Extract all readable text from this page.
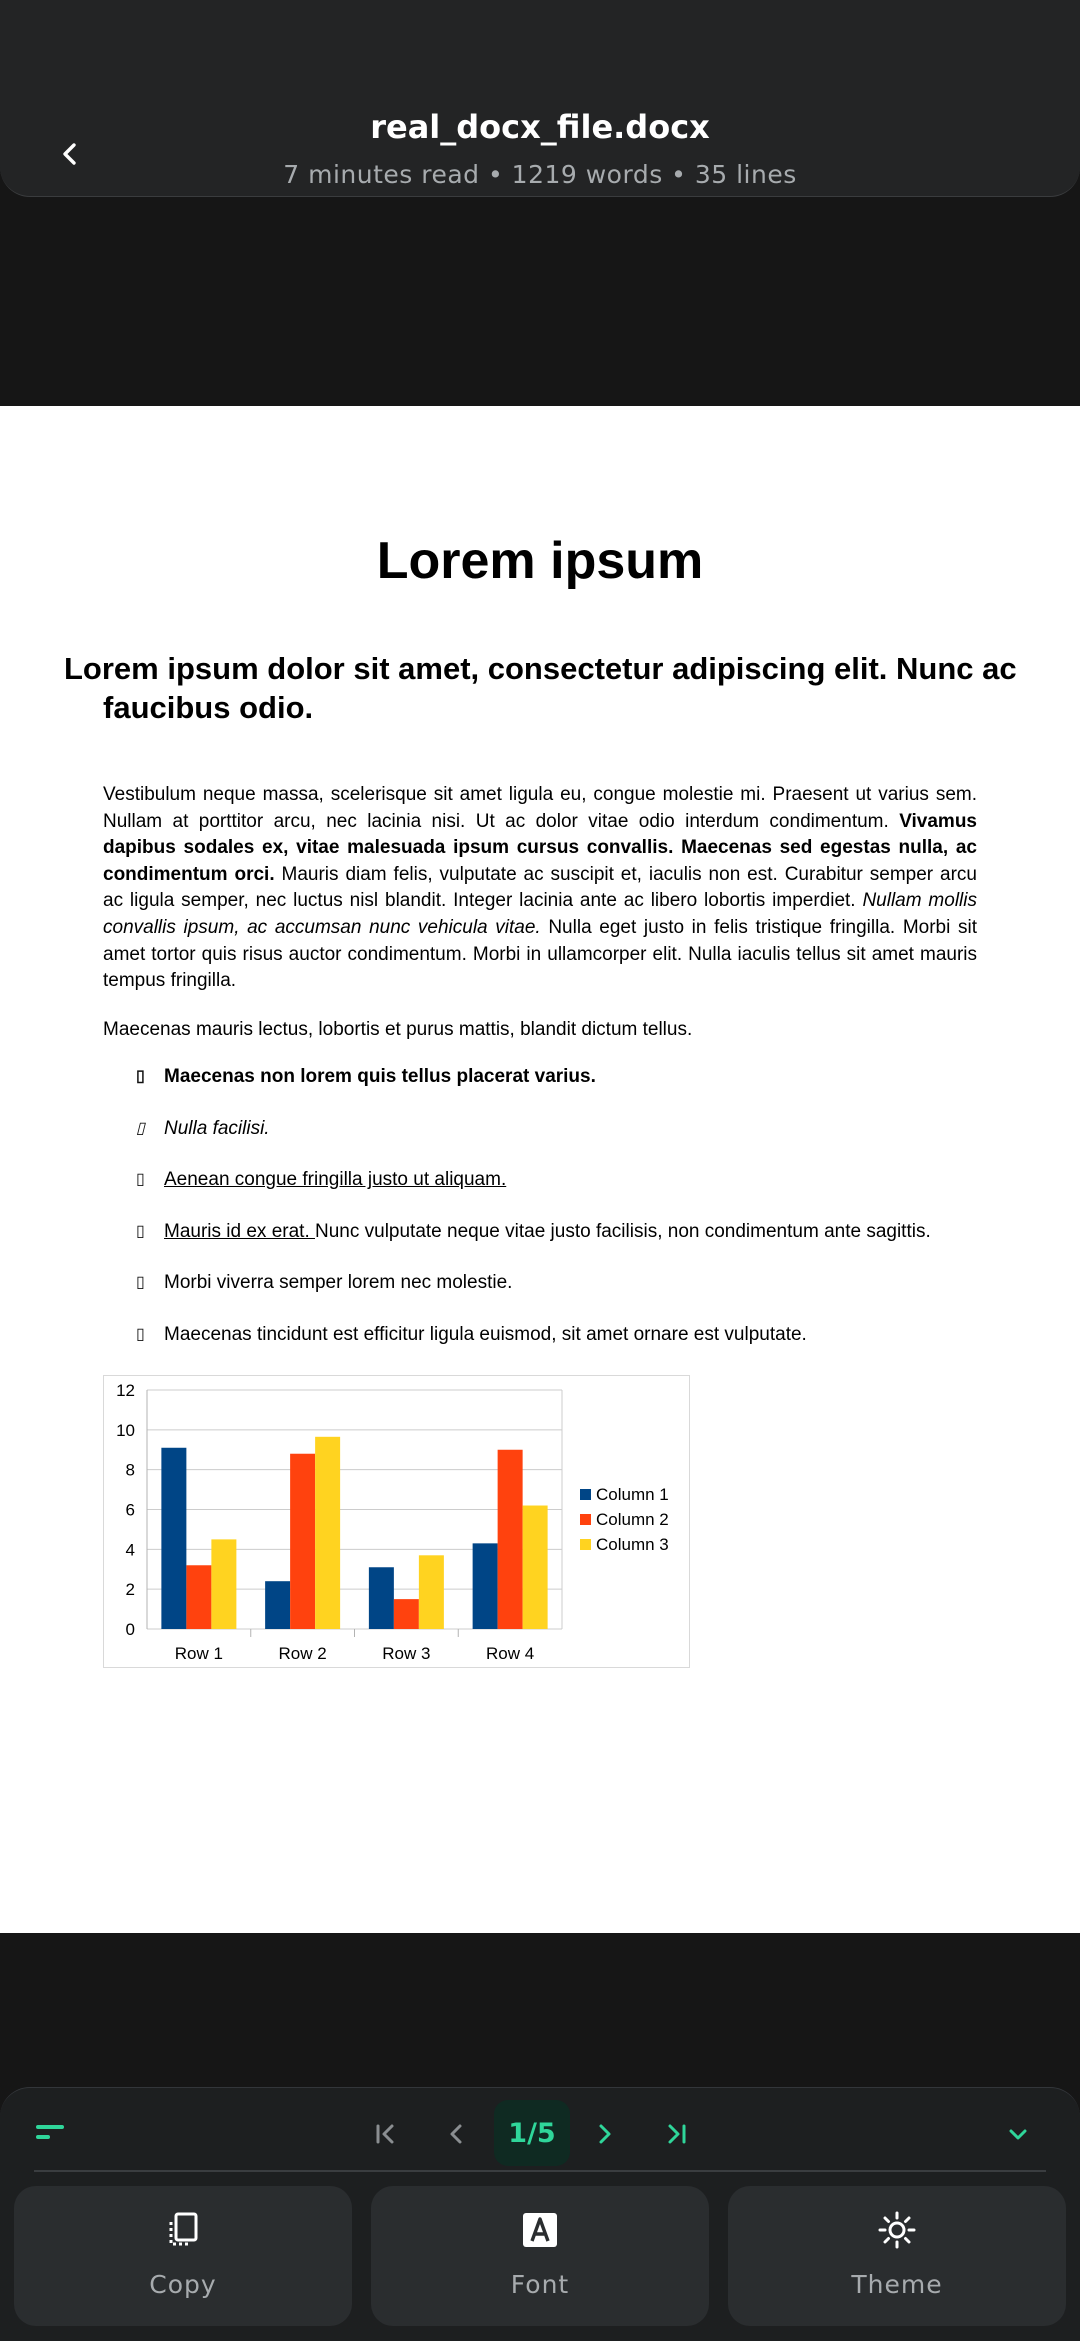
real_docx_file.docx
7 minutes read • 1219 words • 35 lines
Lorem ipsum
Lorem ipsum dolor sit amet, consectetur adipiscing elit. Nunc ac faucibus odio.
Vestibulum neque massa, scelerisque sit amet ligula eu, congue molestie mi. Praesent ut varius sem. Nullam at porttitor arcu, nec lacinia nisi. Ut ac dolor vitae odio interdum condimentum. Vivamus dapibus sodales ex, vitae malesuada ipsum cursus convallis. Maecenas sed egestas nulla, ac condimentum orci. Mauris diam felis, vulputate ac suscipit et, iaculis non est. Curabitur semper arcu ac ligula semper, nec luctus nisl blandit. Integer lacinia ante ac libero lobortis imperdiet. Nullam mollis convallis ipsum, ac accumsan nunc vehicula vitae. Nulla eget justo in felis tristique fringilla. Morbi sit amet tortor quis risus auctor condimentum. Morbi in ullamcorper elit. Nulla iaculis tellus sit amet mauris tempus fringilla.
Maecenas mauris lectus, lobortis et purus mattis, blandit dictum tellus.
▯	Maecenas non lorem quis tellus placerat varius.
▯	Nulla facilisi.
▯	Aenean congue fringilla justo ut aliquam.
▯	Mauris id ex erat. Nunc vulputate neque vitae justo facilisis, non condimentum ante sagittis.
▯	Morbi viverra semper lorem nec molestie.
▯	Maecenas tincidunt est efficitur ligula euismod, sit amet ornare est vulputate.
0
2
4
6
8
10
12
Row 1	Row 2	Row 3	Row 4
Column 1
Column 2
Column 3
1/5
Copy	Font	Theme
